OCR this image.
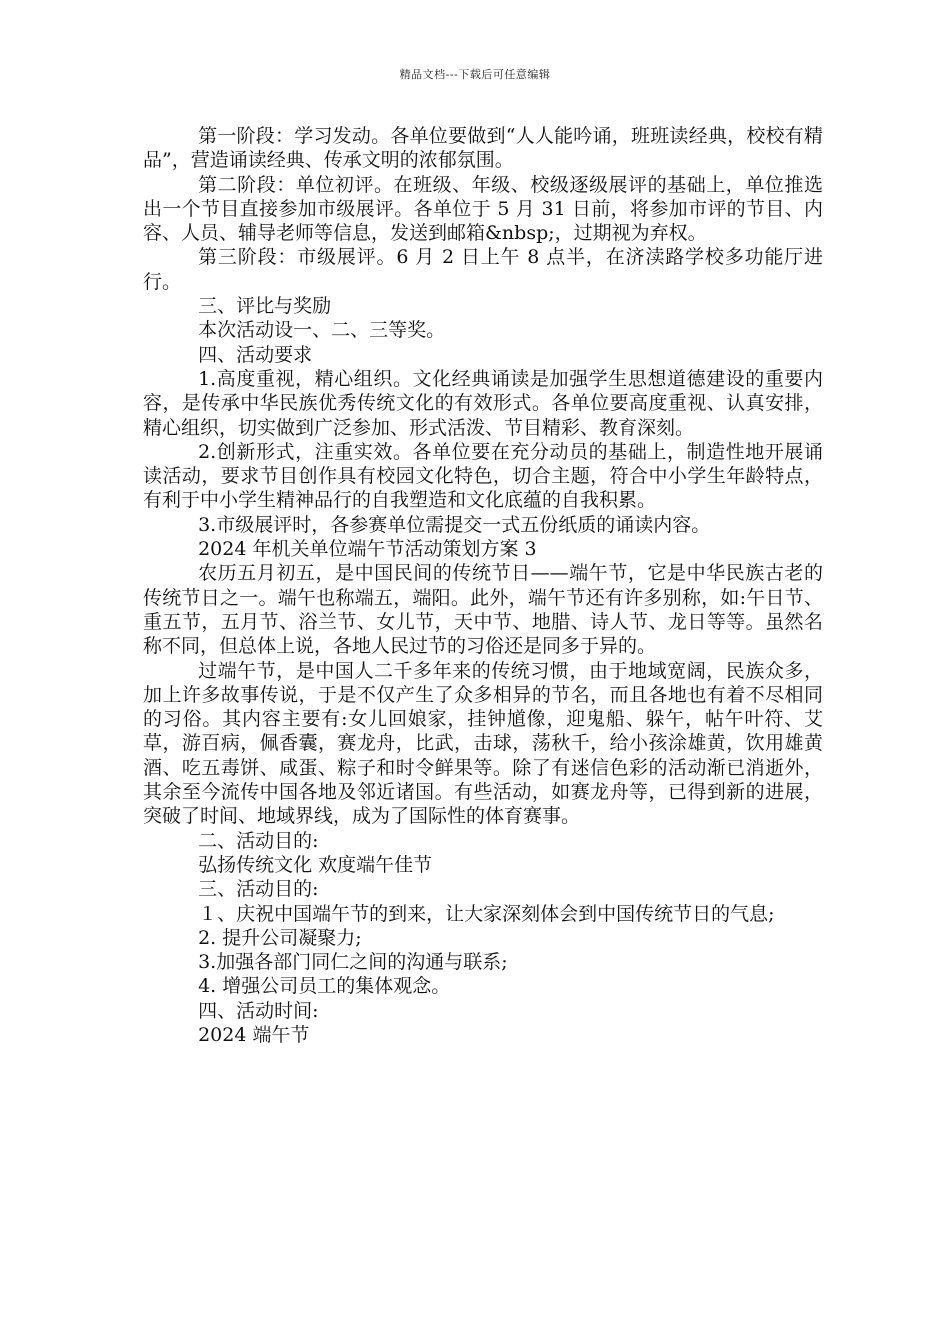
精品文档---下载后可任意编辑

第一阶段：学习发动。各单位要做到“人人能吟诵，班班读经典，校校有精品”，营造诵读经典、传承文明的浓郁氛围。

第二阶段：单位初评。在班级、年级、校级逐级展评的基础上，单位推选出一个节目直接参加市级展评。各单位于 5 月 31 日前，将参加市评的节目、内容、人员、辅导老师等信息，发送到邮箱&nbsp;，过期视为弃权。

第三阶段：市级展评。6 月 2 日上午 8 点半，在济渎路学校多功能厅进行。

三、评比与奖励

本次活动设一、二、三等奖。

四、活动要求

1.高度重视，精心组织。文化经典诵读是加强学生思想道德建设的重要内容，是传承中华民族优秀传统文化的有效形式。各单位要高度重视、认真安排，精心组织，切实做到广泛参加、形式活泼、节目精彩、教育深刻。

2.创新形式，注重实效。各单位要在充分动员的基础上，制造性地开展诵读活动，要求节目创作具有校园文化特色，切合主题，符合中小学生年龄特点，有利于中小学生精神品行的自我塑造和文化底蕴的自我积累。

3.市级展评时，各参赛单位需提交一式五份纸质的诵读内容。

2024 年机关单位端午节活动策划方案 3

农历五月初五，是中国民间的传统节日——端午节，它是中华民族古老的传统节日之一。端午也称端五，端阳。此外，端午节还有许多别称，如:午日节、重五节，五月节、浴兰节、女儿节，天中节、地腊、诗人节、龙日等等。虽然名称不同，但总体上说，各地人民过节的习俗还是同多于异的。

过端午节，是中国人二千多年来的传统习惯，由于地域宽阔，民族众多，加上许多故事传说，于是不仅产生了众多相异的节名，而且各地也有着不尽相同的习俗。其内容主要有:女儿回娘家，挂钟馗像，迎鬼船、躲午，帖午叶符、艾草，游百病，佩香囊，赛龙舟，比武，击球，荡秋千，给小孩涂雄黄，饮用雄黄酒、吃五毒饼、咸蛋、粽子和时令鲜果等。除了有迷信色彩的活动渐已消逝外，其余至今流传中国各地及邻近诸国。有些活动，如赛龙舟等，已得到新的进展，突破了时间、地域界线，成为了国际性的体育赛事。

二、活动目的:

弘扬传统文化 欢度端午佳节

三、活动目的:

１、庆祝中国端午节的到来，让大家深刻体会到中国传统节日的气息;

2. 提升公司凝聚力;

3.加强各部门同仁之间的沟通与联系;

4. 增强公司员工的集体观念。

四、活动时间:

2024 端午节
